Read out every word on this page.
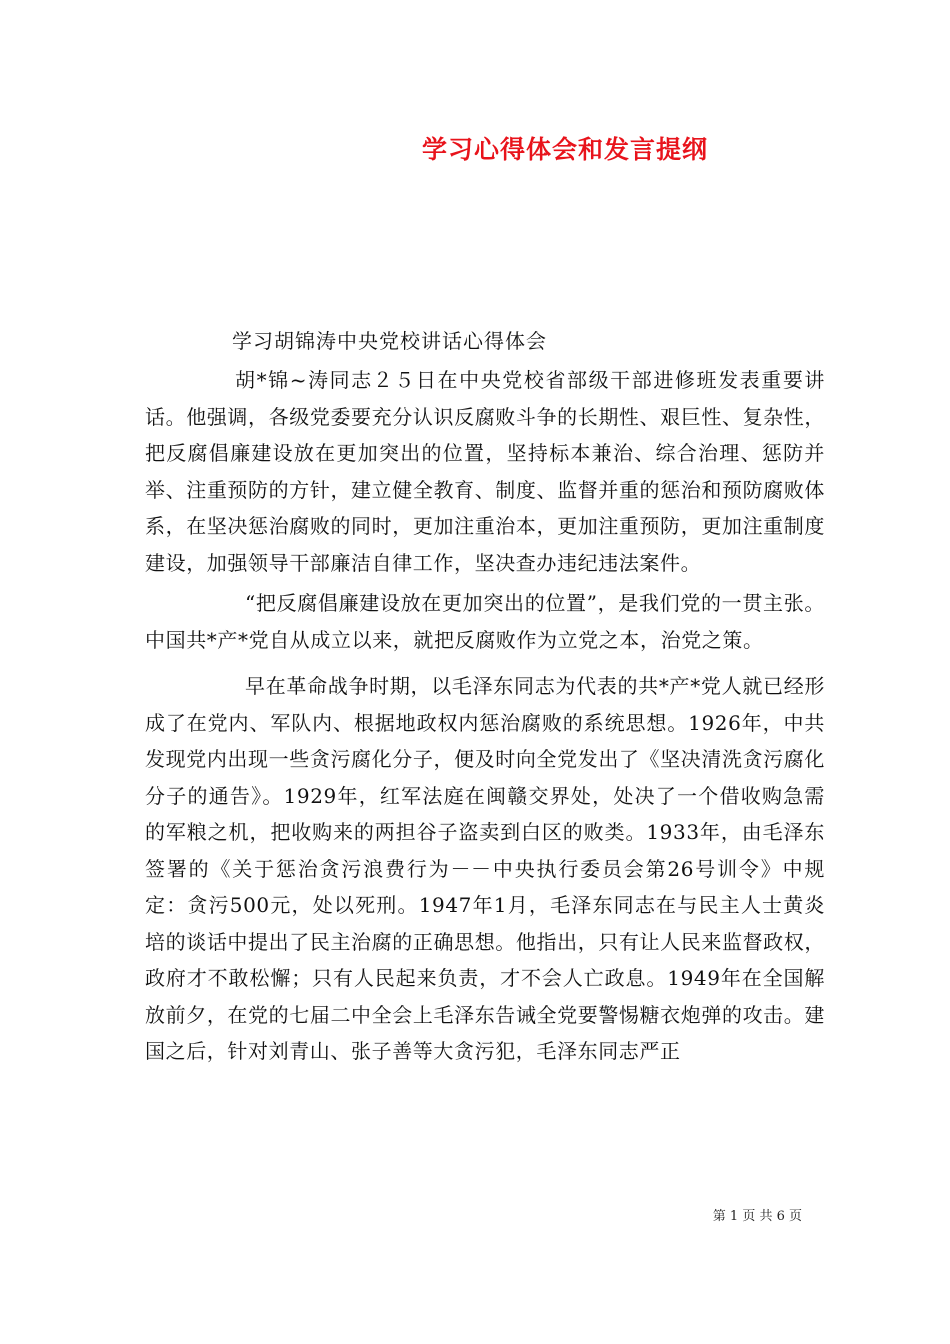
学习心得体会和发言提纲
学习胡锦涛中央党校讲话心得体会

胡*锦~涛同志２５日在中央党校省部级干部进修班发表重要讲话。他强调，各级党委要充分认识反腐败斗争的长期性、艰巨性、复杂性，把反腐倡廉建设放在更加突出的位置，坚持标本兼治、综合治理、惩防并举、注重预防的方针，建立健全教育、制度、监督并重的惩治和预防腐败体系，在坚决惩治腐败的同时，更加注重治本，更加注重预防，更加注重制度建设，加强领导干部廉洁自律工作，坚决查办违纪违法案件。

“把反腐倡廉建设放在更加突出的位置”，是我们党的一贯主张。中国共*产*党自从成立以来，就把反腐败作为立党之本，治党之策。

早在革命战争时期，以毛泽东同志为代表的共*产*党人就已经形成了在党内、军队内、根据地政权内惩治腐败的系统思想。1926年，中共发现党内出现一些贪污腐化分子，便及时向全党发出了《坚决清洗贪污腐化分子的通告》。1929年，红军法庭在闽赣交界处，处决了一个借收购急需的军粮之机，把收购来的两担谷子盗卖到白区的败类。1933年，由毛泽东签署的《关于惩治贪污浪费行为－－中央执行委员会第26号训令》中规定：贪污500元，处以死刑。1947年1月，毛泽东同志在与民主人士黄炎培的谈话中提出了民主治腐的正确思想。他指出，只有让人民来监督政权，政府才不敢松懈；只有人民起来负责，才不会人亡政息。1949年在全国解放前夕，在党的七届二中全会上毛泽东告诫全党要警惕糖衣炮弹的攻击。建国之后，针对刘青山、张子善等大贪污犯，毛泽东同志严正

第 1 页 共 6 页
